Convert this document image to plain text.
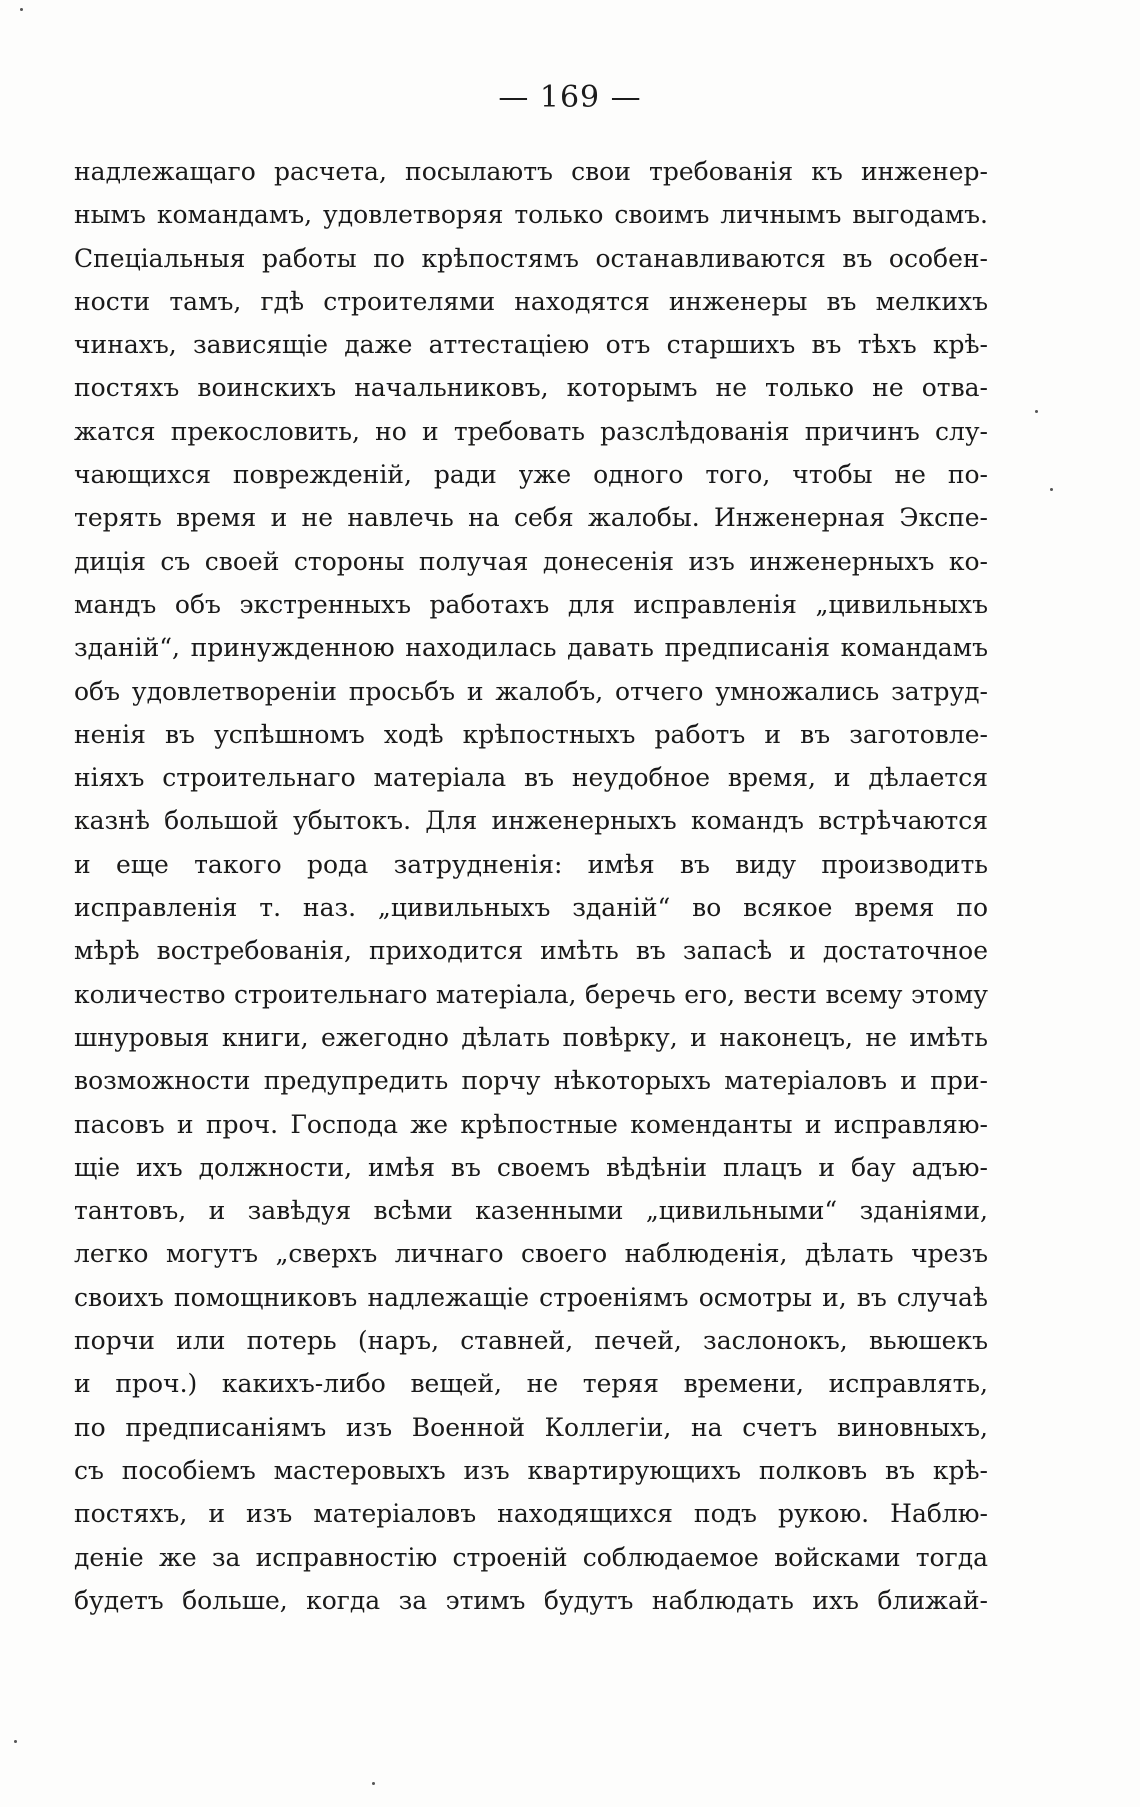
— 169 —
надлежащаго расчета, посылаютъ свои требованія къ инженер-
нымъ командамъ, удовлетворяя только своимъ личнымъ выгодамъ.
Спеціальныя работы по крѣпостямъ останавливаются въ особен-
ности тамъ, гдѣ строителями находятся инженеры въ мелкихъ
чинахъ, зависящіе даже аттестаціею отъ старшихъ въ тѣхъ крѣ-
постяхъ воинскихъ начальниковъ, которымъ не только не отва-
жатся прекословить, но и требовать разслѣдованія причинъ слу-
чающихся поврежденій, ради уже одного того, чтобы не по-
терять время и не навлечь на себя жалобы. Инженерная Экспе-
диція съ своей стороны получая донесенія изъ инженерныхъ ко-
мандъ объ экстренныхъ работахъ для исправленія „цивильныхъ
зданій“, принужденною находилась давать предписанія командамъ
объ удовлетвореніи просьбъ и жалобъ, отчего умножались затруд-
ненія въ успѣшномъ ходѣ крѣпостныхъ работъ и въ заготовле-
ніяхъ строительнаго матеріала въ неудобное время, и дѣлается
казнѣ большой убытокъ. Для инженерныхъ командъ встрѣчаются
и еще такого рода затрудненія: имѣя въ виду производить
исправленія т. наз. „цивильныхъ зданій“ во всякое время по
мѣрѣ востребованія, приходится имѣть въ запасѣ и достаточное
количество строительнаго матеріала, беречь его, вести всему этому
шнуровыя книги, ежегодно дѣлать повѣрку, и наконецъ, не имѣть
возможности предупредить порчу нѣкоторыхъ матеріаловъ и при-
пасовъ и проч. Господа же крѣпостные коменданты и исправляю-
щіе ихъ должности, имѣя въ своемъ вѣдѣніи плацъ и бау адъю-
тантовъ, и завѣдуя всѣми казенными „цивильными“ зданіями,
легко могутъ „сверхъ личнаго своего наблюденія, дѣлать чрезъ
своихъ помощниковъ надлежащіе строеніямъ осмотры и, въ случаѣ
порчи или потерь (наръ, ставней, печей, заслонокъ, вьюшекъ
и проч.) какихъ-либо вещей, не теряя времени, исправлять,
по предписаніямъ изъ Военной Коллегіи, на счетъ виновныхъ,
съ пособіемъ мастеровыхъ изъ квартирующихъ полковъ въ крѣ-
постяхъ, и изъ матеріаловъ находящихся подъ рукою. Наблю-
деніе же за исправностію строеній соблюдаемое войсками тогда
будетъ больше, когда за этимъ будутъ наблюдать ихъ ближай-
